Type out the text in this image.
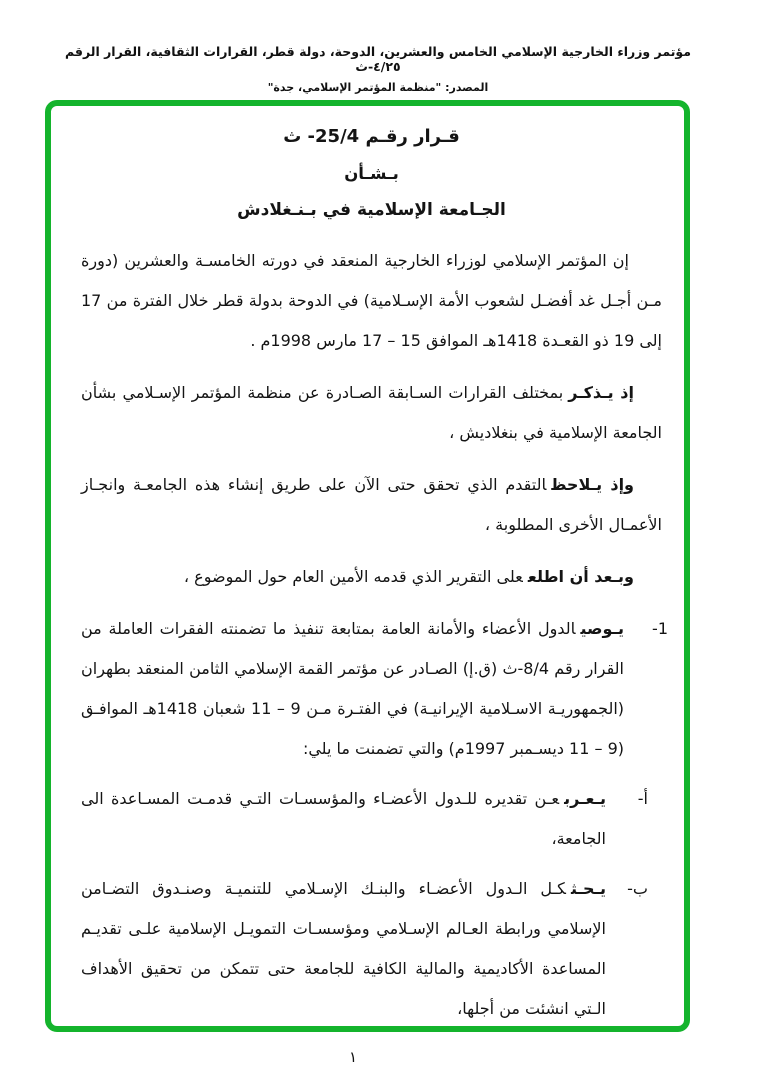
مؤتمر وزراء الخارجية الإسلامي الخامس والعشرين، الدوحة، دولة قطر، القرارات الثقافية، القرار الرقم ٤/٢٥-ث
المصدر: "منظمة المؤتمر الإسلامي، جدة"
قـرار رقـم 25/4- ث
بـشـأن
الجـامعة الإسلامية في بـنـغلادش

إن المؤتمر الإسلامي لوزراء الخارجية المنعقد في دورته الخامسـة والعشرين (دورة مـن أجـل غد أفضـل لشعوب الأمة الإسـلامية) في الدوحة بدولة قطر خلال الفترة من 17 إلى 19 ذو القعـدة 1418هـ الموافق 15 – 17 مارس 1998م .

إذ يـذكـربمختلف القرارات السـابقة الصـادرة عن منظمة المؤتمر الإسـلامي بشأن الجامعة الإسلامية في بنغلاديش ،

وإذ يـلاحظالتقدم الذي تحقق حتى الآن على طريق إنشاء هذه الجامعـة وانجـاز الأعمـال الأخرى المطلوبة ،

وبـعد أن اطلععلى التقرير الذي قدمه الأمين العام حول الموضوع ،

1-
يـوصيالدول الأعضاء والأمانة العامة بمتابعة تنفيذ ما تضمنته الفقرات العاملة من القرار رقم 8/4-ث (ق.إ) الصـادر عن مؤتمر القمة الإسلامي الثامن المنعقد بطهران (الجمهوريـة الاسـلامية الإيرانيـة) في الفتـرة مـن 9 – 11 شعبان 1418هـ الموافـق (9 – 11 ديسـمبر 1997م) والتي تضمنت ما يلي:
أ-
يـعـربعـن تقديره للـدول الأعضـاء والمؤسسـات التـي قدمـت المسـاعدة الى الجامعة،
ب-
يـحـثكـل الـدول الأعضـاء والبنـك الإسـلامي للتنميـة وصنـدوق التضـامن الإسلامي ورابطة العـالم الإسـلامي ومؤسسـات التمويـل الإسلامية علـى تقديـم المساعدة الأكاديمية والمالية الكافية للجامعة حتى تتمكن من تحقيق الأهداف الـتي انشئت من أجلها،
١
